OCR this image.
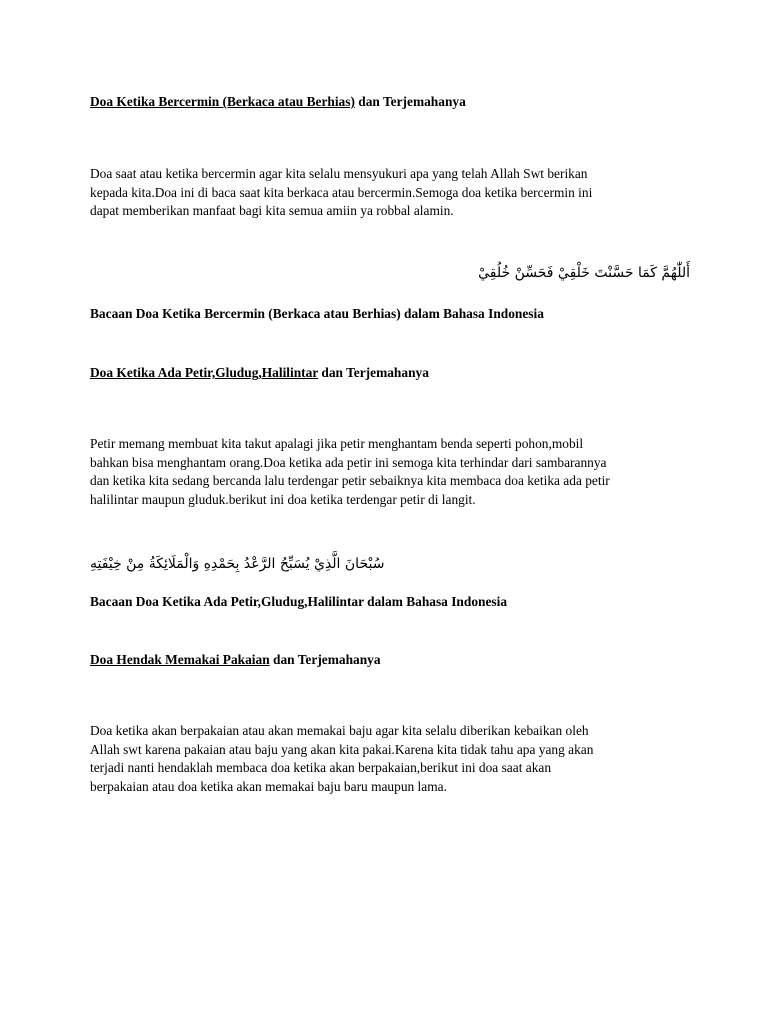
Doa Ketika Bercermin (Berkaca atau Berhias) dan Terjemahanya
Doa saat atau ketika bercermin agar kita selalu mensyukuri apa yang telah Allah Swt berikan
kepada kita.Doa ini di baca saat kita berkaca atau bercermin.Semoga doa ketika bercermin ini
dapat memberikan manfaat bagi kita semua amiin ya robbal alamin.
أَللّٰهُمَّ كَمَا حَسَّنْتَ خَلْقِيْ فَحَسِّنْ خُلُقِيْ
Bacaan Doa Ketika Bercermin (Berkaca atau Berhias) dalam Bahasa Indonesia
Doa Ketika Ada Petir,Gludug,Halilintar dan Terjemahanya
Petir memang membuat kita takut apalagi jika petir menghantam benda seperti pohon,mobil
bahkan bisa menghantam orang.Doa ketika ada petir ini semoga kita terhindar dari sambarannya
dan ketika kita sedang bercanda lalu terdengar petir sebaiknya kita membaca doa ketika ada petir
halilintar maupun gluduk.berikut ini doa ketika terdengar petir di langit.
سُبْحَانَ الَّذِيْ يُسَبِّحُ الرَّعْدُ بِحَمْدِهِ وَالْمَلَائِكَةُ مِنْ خِيْفَتِهِ
Bacaan Doa Ketika Ada Petir,Gludug,Halilintar dalam Bahasa Indonesia
Doa Hendak Memakai Pakaian dan Terjemahanya
Doa ketika akan berpakaian atau akan memakai baju agar kita selalu diberikan kebaikan oleh
Allah swt karena pakaian atau baju yang akan kita pakai.Karena kita tidak tahu apa yang akan
terjadi nanti hendaklah membaca doa ketika akan berpakaian,berikut ini doa saat akan
berpakaian atau doa ketika akan memakai baju baru maupun lama.
